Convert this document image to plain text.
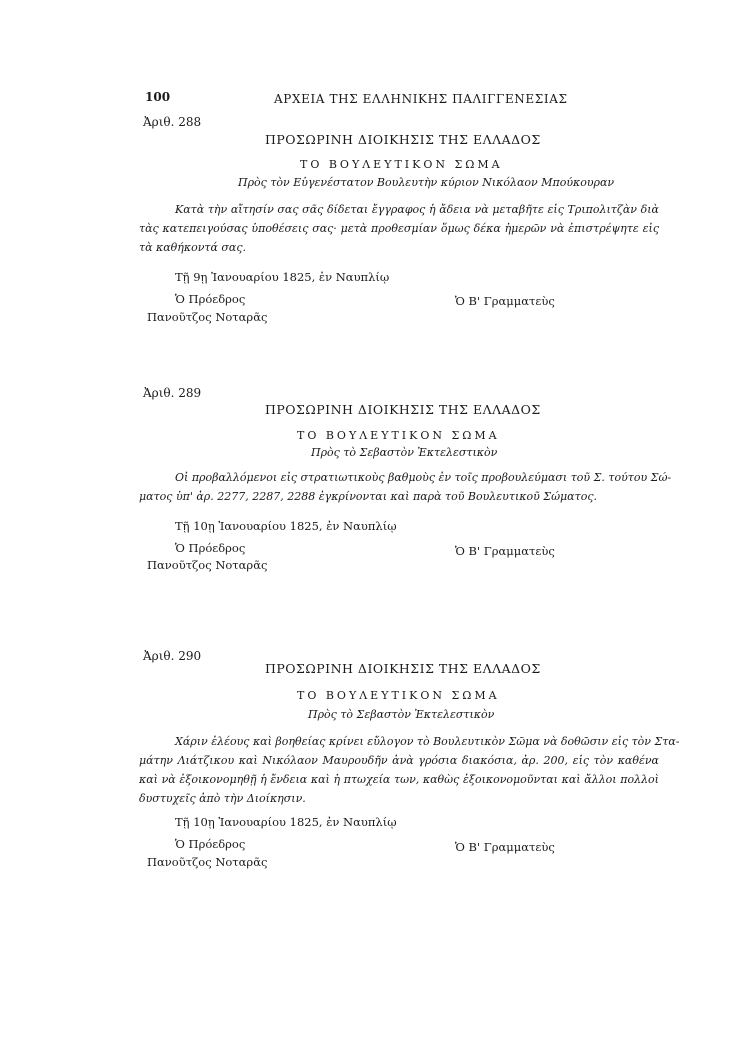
100	ΑΡΧΕΙΑ ΤΗΣ ΕΛΛΗΝΙΚΗΣ ΠΑΛΙΓΓΕΝΕΣΙΑΣ
Ἀριθ. 288
ΠΡΟΣΩΡΙΝΗ ΔΙΟΙΚΗΣΙΣ ΤΗΣ ΕΛΛΑΔΟΣ
ΤΟ ΒΟΥΛΕΥΤΙΚΟΝ ΣΩΜΑ
Πρὸς τὸν Εὐγενέστατον Βουλευτὴν κύριον Νικόλαον Μπούκουραν
Κατὰ τὴν αἴτησίν σας σᾶς δίδεται ἔγγραφος ἡ ἄδεια νὰ μεταβῆτε εἰς Τριπολιτζὰν διὰ
τὰς κατεπειγούσας ὑποθέσεις σας· μετὰ προθεσμίαν ὅμως δέκα ἡμερῶν νὰ ἐπιστρέψητε εἰς
τὰ καθήκοντά σας.
Τῇ 9ῃ Ἰανουαρίου 1825, ἐν Ναυπλίῳ
Ὁ Πρόεδρος
Πανοῦτζος Νοταρᾶς
Ὁ Β' Γραμματεὺς
Ἀριθ. 289
ΠΡΟΣΩΡΙΝΗ ΔΙΟΙΚΗΣΙΣ ΤΗΣ ΕΛΛΑΔΟΣ
ΤΟ ΒΟΥΛΕΥΤΙΚΟΝ ΣΩΜΑ
Πρὸς τὸ Σεβαστὸν Ἐκτελεστικὸν
Οἱ προβαλλόμενοι εἰς στρατιωτικοὺς βαθμοὺς ἐν τοῖς προβουλεύμασι τοῦ Σ. τούτου Σώ-
ματος ὑπ' ἀρ. 2277, 2287, 2288 ἐγκρίνονται καὶ παρὰ τοῦ Βουλευτικοῦ Σώματος.
Τῇ 10ῃ Ἰανουαρίου 1825, ἐν Ναυπλίῳ
Ὁ Πρόεδρος
Πανοῦτζος Νοταρᾶς
Ὁ Β' Γραμματεὺς
Ἀριθ. 290
ΠΡΟΣΩΡΙΝΗ ΔΙΟΙΚΗΣΙΣ ΤΗΣ ΕΛΛΑΔΟΣ
ΤΟ ΒΟΥΛΕΥΤΙΚΟΝ ΣΩΜΑ
Πρὸς τὸ Σεβαστὸν Ἐκτελεστικὸν
Χάριν ἐλέους καὶ βοηθείας κρίνει εὔλογον τὸ Βουλευτικὸν Σῶμα νὰ δοθῶσιν εἰς τὸν Στα-
μάτην Λιάτζικου καὶ Νικόλαον Μαυρουδῆν ἀνὰ γρόσια διακόσια, ἀρ. 200, εἰς τὸν καθένα
καὶ νὰ ἐξοικονομηθῇ ἡ ἔνδεια καὶ ἡ πτωχεία των, καθὼς ἐξοικονομοῦνται καὶ ἄλλοι πολλοὶ
δυστυχεῖς ἀπὸ τὴν Διοίκησιν.
Τῇ 10ῃ Ἰανουαρίου 1825, ἐν Ναυπλίῳ
Ὁ Πρόεδρος
Πανοῦτζος Νοταρᾶς
Ὁ Β' Γραμματεὺς
